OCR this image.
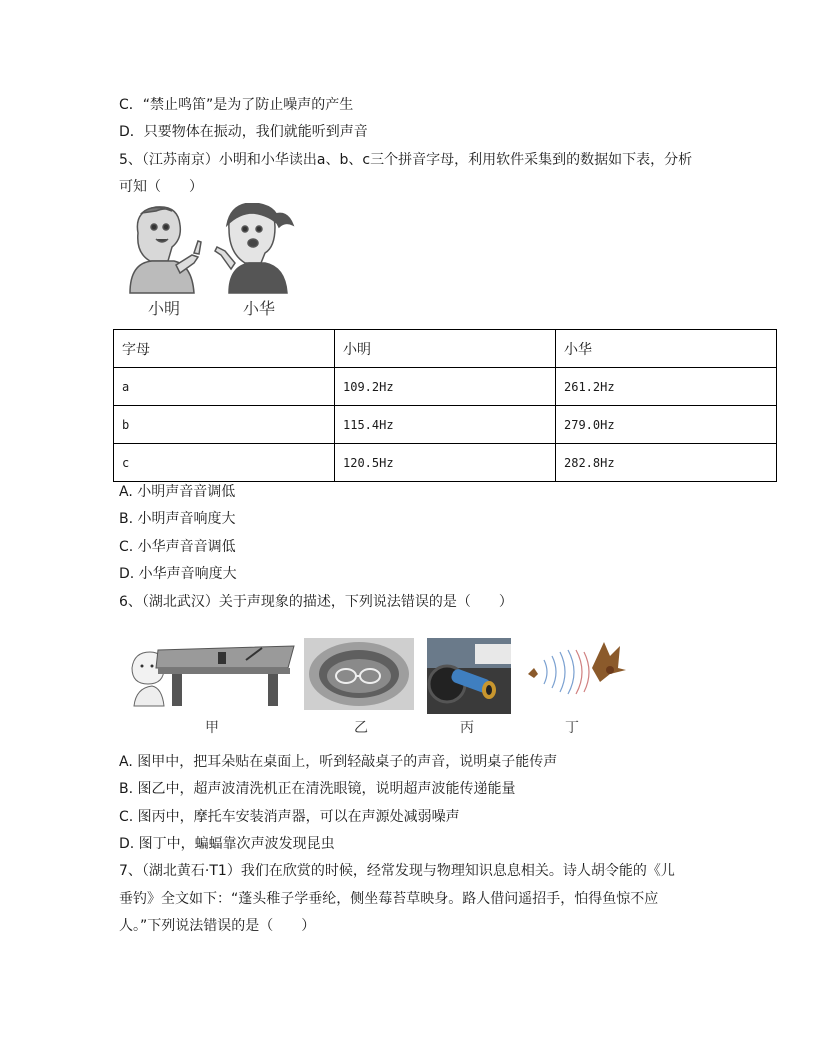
C．“禁止鸣笛”是为了防止噪声的产生
D．只要物体在振动，我们就能听到声音
5、（江苏南京）小明和小华读出a、b、c三个拼音字母，利用软件采集到的数据如下表，分析
可知（　　）
小明	小华
字母	小明	小华
a	109.2Hz	261.2Hz
b	115.4Hz	279.0Hz
c	120.5Hz	282.8Hz
A. 小明声音音调低
B. 小明声音响度大
C. 小华声音音调低
D. 小华声音响度大
6、（湖北武汉）关于声现象的描述，下列说法错误的是（　　）
甲	乙	丙	丁
A. 图甲中，把耳朵贴在桌面上，听到轻敲桌子的声音，说明桌子能传声
B. 图乙中，超声波清洗机正在清洗眼镜，说明超声波能传递能量
C. 图丙中，摩托车安装消声器，可以在声源处减弱噪声
D. 图丁中，蝙蝠靠次声波发现昆虫
7、（湖北黄石·T1）我们在欣赏的时候，经常发现与物理知识息息相关。诗人胡令能的《儿
垂钓》全文如下：“蓬头稚子学垂纶，侧坐莓苔草映身。路人借问遥招手，怕得鱼惊不应
人。”下列说法错误的是（　　）
